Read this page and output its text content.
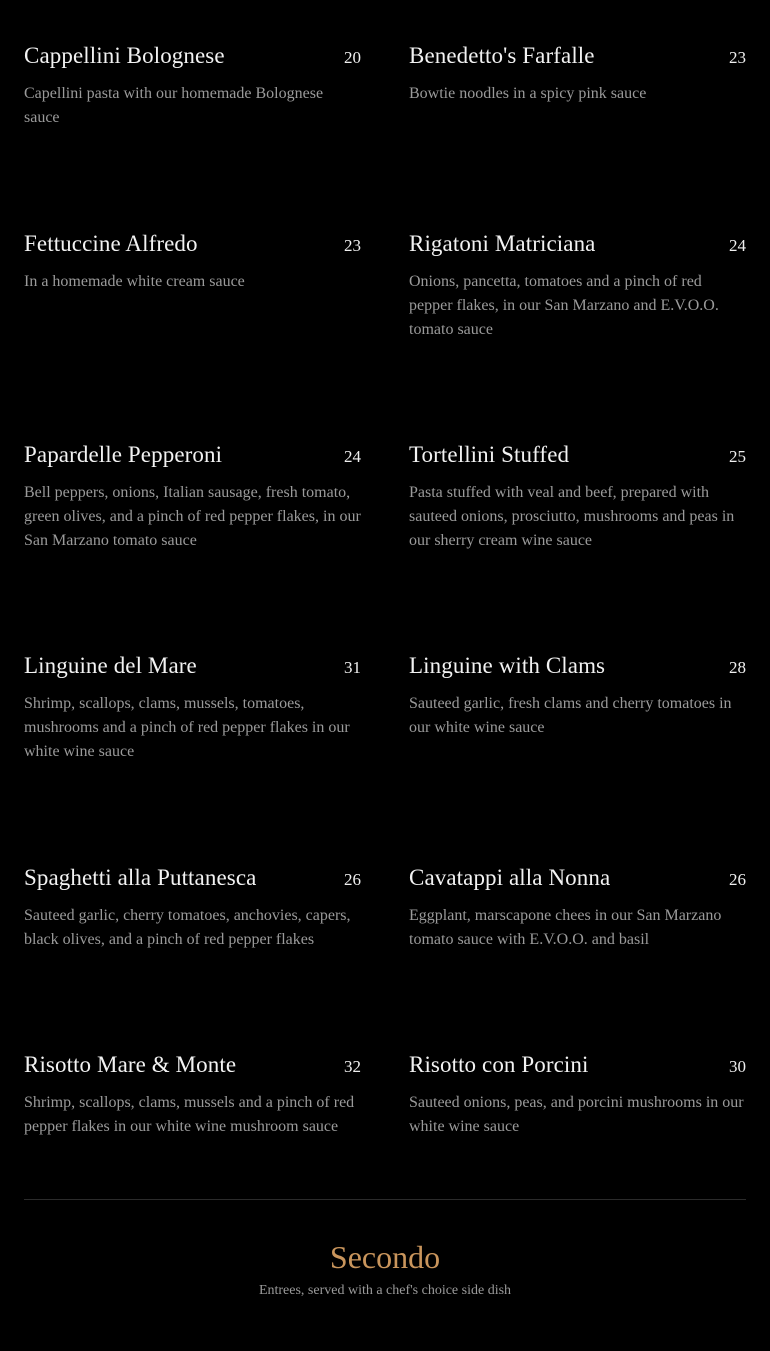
Cappellini Bolognese	20

Capellini pasta with our homemade Bolognese sauce

Benedetto's Farfalle	23

Bowtie noodles in a spicy pink sauce

Fettuccine Alfredo	23

In a homemade white cream sauce

Rigatoni Matriciana	24

Onions, pancetta, tomatoes and a pinch of red pepper flakes, in our San Marzano and E.V.O.O. tomato sauce

Papardelle Pepperoni	24

Bell peppers, onions, Italian sausage, fresh tomato, green olives, and a pinch of red pepper flakes, in our San Marzano tomato sauce

Tortellini Stuffed	25

Pasta stuffed with veal and beef, prepared with sauteed onions, prosciutto, mushrooms and peas in our sherry cream wine sauce

Linguine del Mare	31

Shrimp, scallops, clams, mussels, tomatoes, mushrooms and a pinch of red pepper flakes in our white wine sauce

Linguine with Clams	28

Sauteed garlic, fresh clams and cherry tomatoes in our white wine sauce

Spaghetti alla Puttanesca	26

Sauteed garlic, cherry tomatoes, anchovies, capers, black olives, and a pinch of red pepper flakes

Cavatappi alla Nonna	26

Eggplant, marscapone chees in our San Marzano tomato sauce with E.V.O.O. and basil

Risotto Mare & Monte	32

Shrimp, scallops, clams, mussels and a pinch of red pepper flakes in our white wine mushroom sauce

Risotto con Porcini	30

Sauteed onions, peas, and porcini mushrooms in our white wine sauce

Secondo
Entrees, served with a chef's choice side dish
